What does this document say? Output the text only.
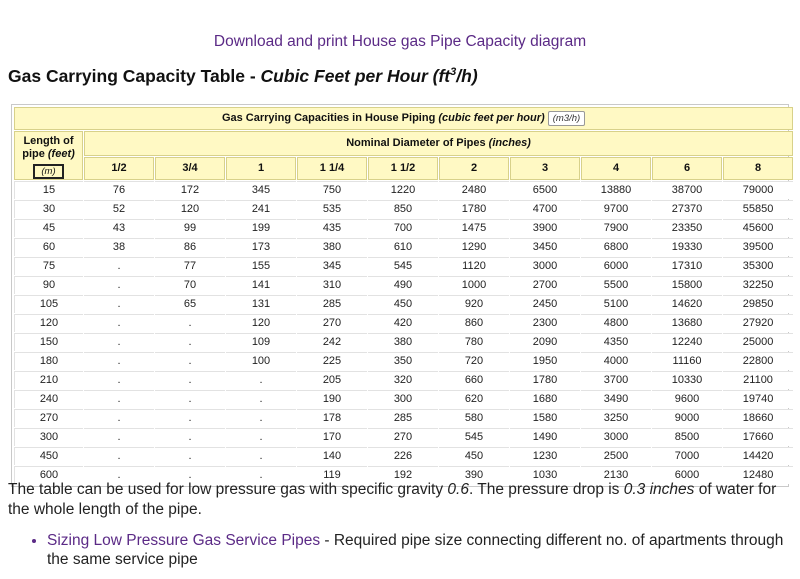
Download and print House gas Pipe Capacity diagram
Gas Carrying Capacity Table - Cubic Feet per Hour $(ft^3/h)$
Gas Carrying Capacities in House Piping (cubic feet per hour) (m3/h)										
Length of pipe (feet)
(m)	Nominal Diameter of Pipes (inches)									
	1/2	3/4	1	1 1/4	1 1/2	2	3	4	6	8
15	76	172	345	750	1220	2480	6500	13880	38700	79000
30	52	120	241	535	850	1780	4700	9700	27370	55850
45	43	99	199	435	700	1475	3900	7900	23350	45600
60	38	86	173	380	610	1290	3450	6800	19330	39500
75	.	77	155	345	545	1120	3000	6000	17310	35300
90	.	70	141	310	490	1000	2700	5500	15800	32250
105	.	65	131	285	450	920	2450	5100	14620	29850
120	.	.	120	270	420	860	2300	4800	13680	27920
150	.	.	109	242	380	780	2090	4350	12240	25000
180	.	.	100	225	350	720	1950	4000	11160	22800
210	.	.	.	205	320	660	1780	3700	10330	21100
240	.	.	.	190	300	620	1680	3490	9600	19740
270	.	.	.	178	285	580	1580	3250	9000	18660
300	.	.	.	170	270	545	1490	3000	8500	17660
450	.	.	.	140	226	450	1230	2500	7000	14420
600	.	.	.	119	192	390	1030	2130	6000	12480

The table can be used for low pressure gas with specific gravity 0.6. The pressure drop is 0.3 inches of water for the whole length of the pipe.

• Sizing Low Pressure Gas Service Pipes - Required pipe size connecting different no. of apartments through the same service pipe
